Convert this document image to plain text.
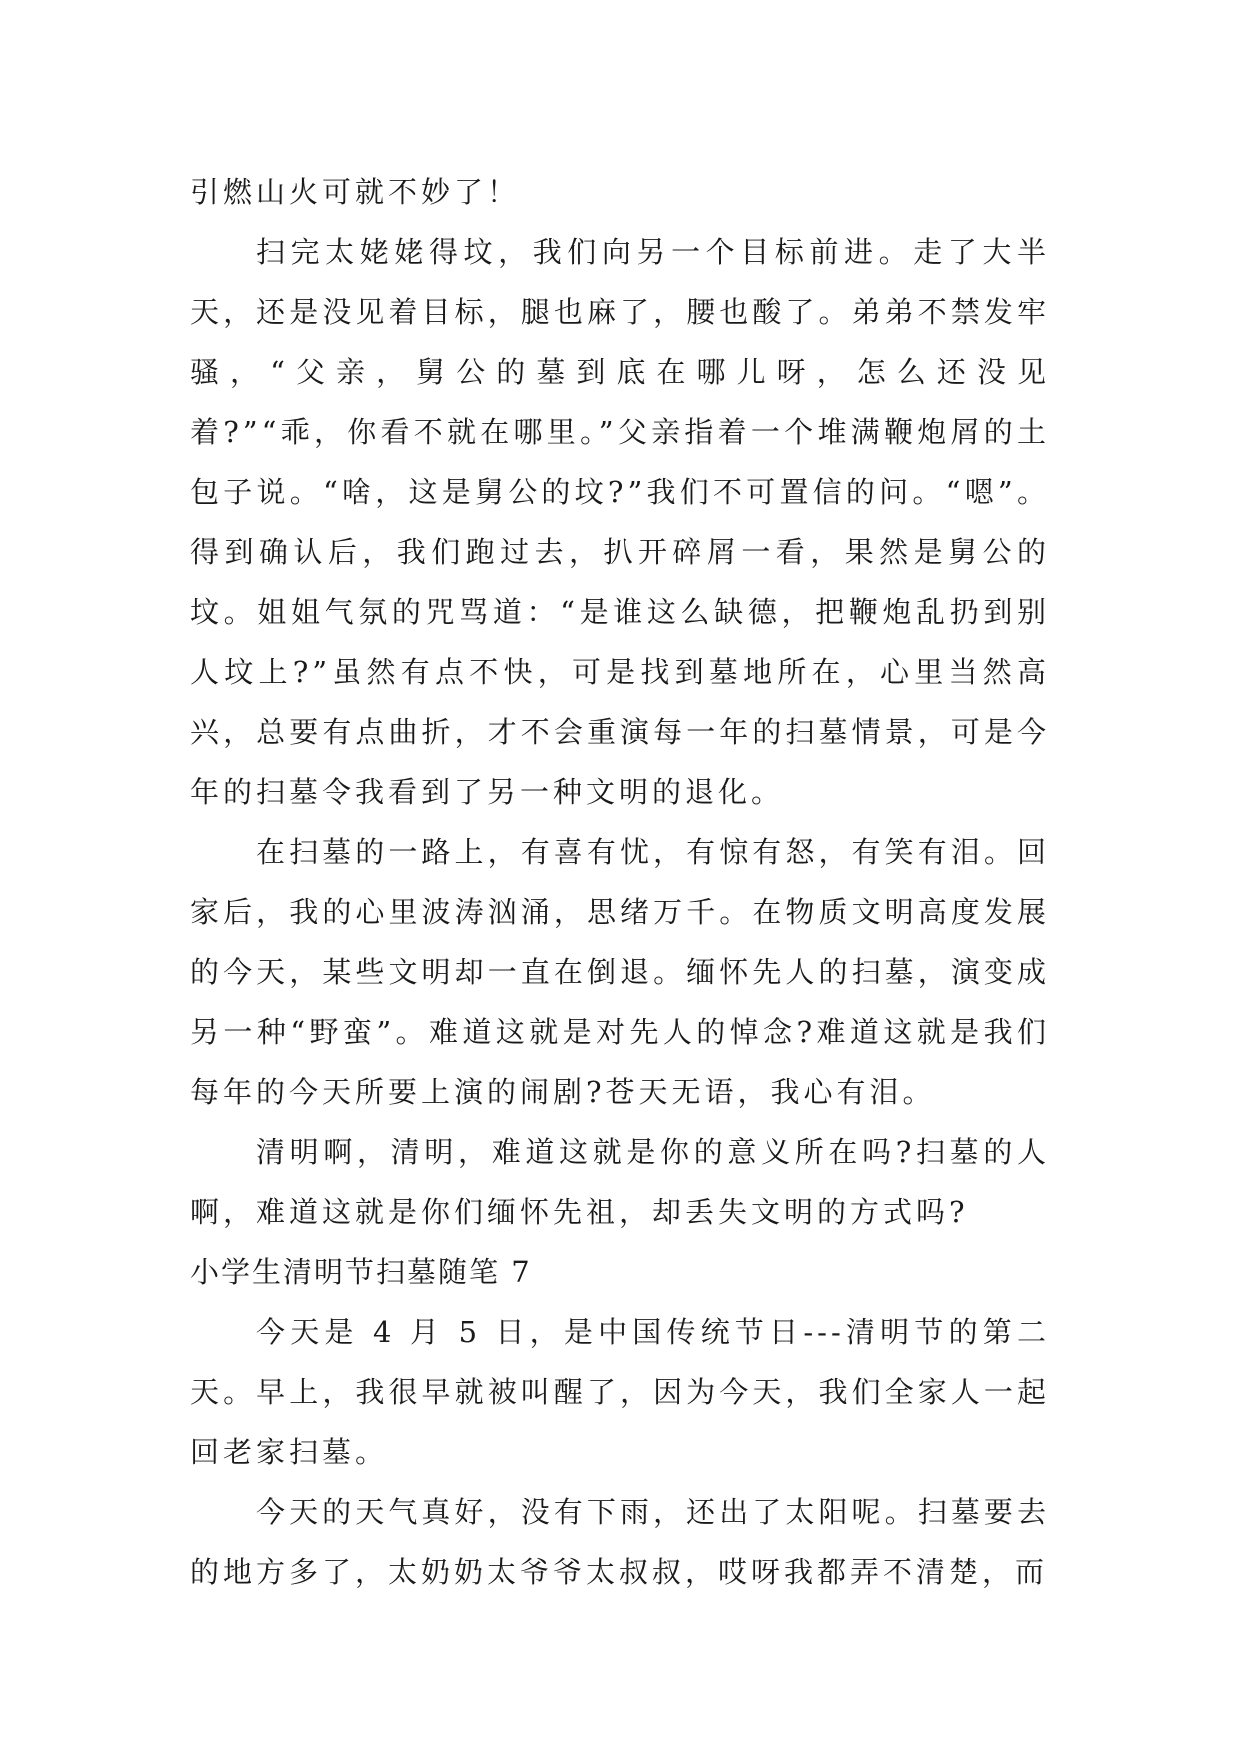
引燃山火可就不妙了！

扫完太姥姥得坟，我们向另一个目标前进。走了大半天，还是没见着目标，腿也麻了，腰也酸了。弟弟不禁发牢骚，“父亲，舅公的墓到底在哪儿呀，怎么还没见着?”“乖，你看不就在哪里。”父亲指着一个堆满鞭炮屑的土包子说。“啥，这是舅公的坟?”我们不可置信的问。“嗯”。得到确认后，我们跑过去，扒开碎屑一看，果然是舅公的坟。姐姐气氛的咒骂道：“是谁这么缺德，把鞭炮乱扔到别人坟上?”虽然有点不快，可是找到墓地所在，心里当然高兴，总要有点曲折，才不会重演每一年的扫墓情景，可是今年的扫墓令我看到了另一种文明的退化。

在扫墓的一路上，有喜有忧，有惊有怒，有笑有泪。回家后，我的心里波涛汹涌，思绪万千。在物质文明高度发展的今天，某些文明却一直在倒退。缅怀先人的扫墓，演变成另一种“野蛮”。难道这就是对先人的悼念?难道这就是我们每年的今天所要上演的闹剧?苍天无语，我心有泪。

清明啊，清明，难道这就是你的意义所在吗?扫墓的人啊，难道这就是你们缅怀先祖，却丢失文明的方式吗?

小学生清明节扫墓随笔 7

今天是 4 月 5 日，是中国传统节日---清明节的第二天。早上，我很早就被叫醒了，因为今天，我们全家人一起回老家扫墓。

今天的天气真好，没有下雨，还出了太阳呢。扫墓要去的地方多了，太奶奶太爷爷太叔叔，哎呀我都弄不清楚，而
